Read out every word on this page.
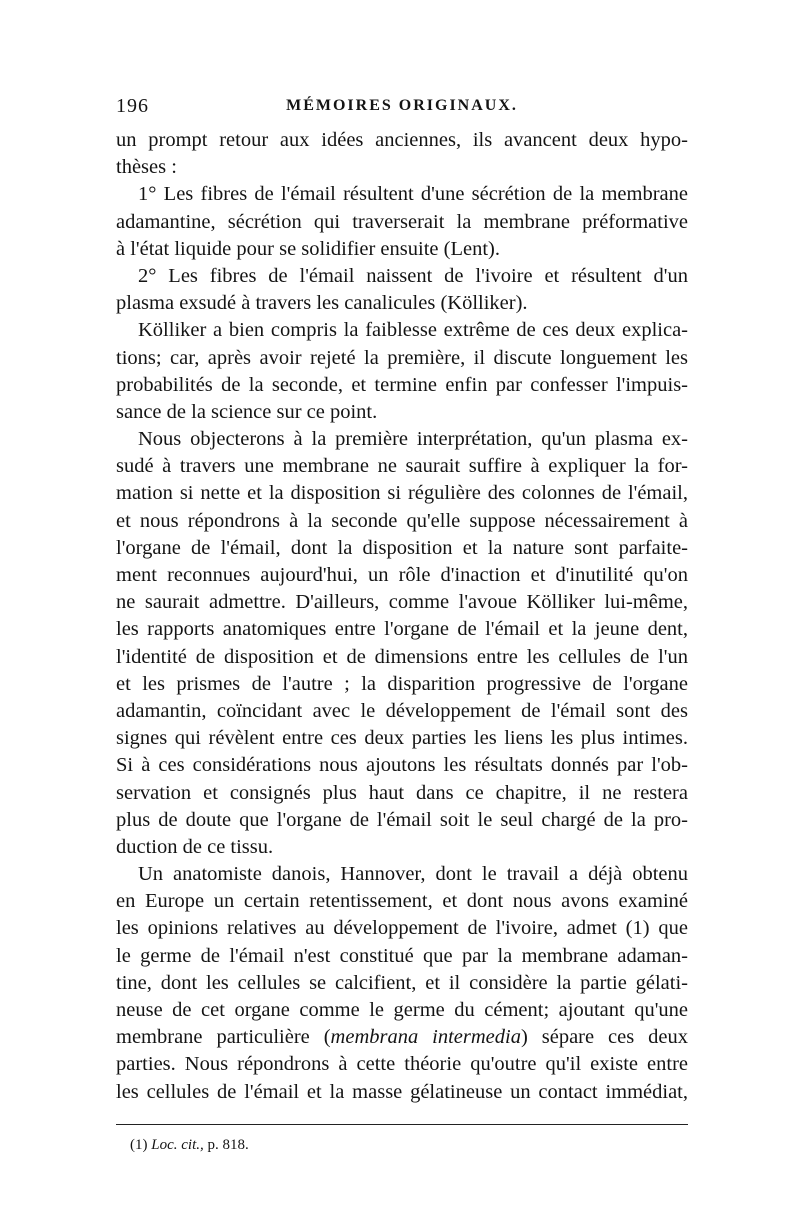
196	MÉMOIRES ORIGINAUX.
un prompt retour aux idées anciennes, ils avancent deux hypo-
thèses :
1° Les fibres de l'émail résultent d'une sécrétion de la membrane
adamantine, sécrétion qui traverserait la membrane préformative
à l'état liquide pour se solidifier ensuite (Lent).
2° Les fibres de l'émail naissent de l'ivoire et résultent d'un
plasma exsudé à travers les canalicules (Kölliker).
Kölliker a bien compris la faiblesse extrême de ces deux explica-
tions; car, après avoir rejeté la première, il discute longuement les
probabilités de la seconde, et termine enfin par confesser l'impuis-
sance de la science sur ce point.
Nous objecterons à la première interprétation, qu'un plasma ex-
sudé à travers une membrane ne saurait suffire à expliquer la for-
mation si nette et la disposition si régulière des colonnes de l'émail,
et nous répondrons à la seconde qu'elle suppose nécessairement à
l'organe de l'émail, dont la disposition et la nature sont parfaite-
ment reconnues aujourd'hui, un rôle d'inaction et d'inutilité qu'on
ne saurait admettre. D'ailleurs, comme l'avoue Kölliker lui-même,
les rapports anatomiques entre l'organe de l'émail et la jeune dent,
l'identité de disposition et de dimensions entre les cellules de l'un
et les prismes de l'autre ; la disparition progressive de l'organe
adamantin, coïncidant avec le développement de l'émail sont des
signes qui révèlent entre ces deux parties les liens les plus intimes.
Si à ces considérations nous ajoutons les résultats donnés par l'ob-
servation et consignés plus haut dans ce chapitre, il ne restera
plus de doute que l'organe de l'émail soit le seul chargé de la pro-
duction de ce tissu.
Un anatomiste danois, Hannover, dont le travail a déjà obtenu
en Europe un certain retentissement, et dont nous avons examiné
les opinions relatives au développement de l'ivoire, admet (1) que
le germe de l'émail n'est constitué que par la membrane adaman-
tine, dont les cellules se calcifient, et il considère la partie gélati-
neuse de cet organe comme le germe du cément; ajoutant qu'une
membrane particulière (membrana intermedia) sépare ces deux
parties. Nous répondrons à cette théorie qu'outre qu'il existe entre
les cellules de l'émail et la masse gélatineuse un contact immédiat,
(1) Loc. cit., p. 818.
